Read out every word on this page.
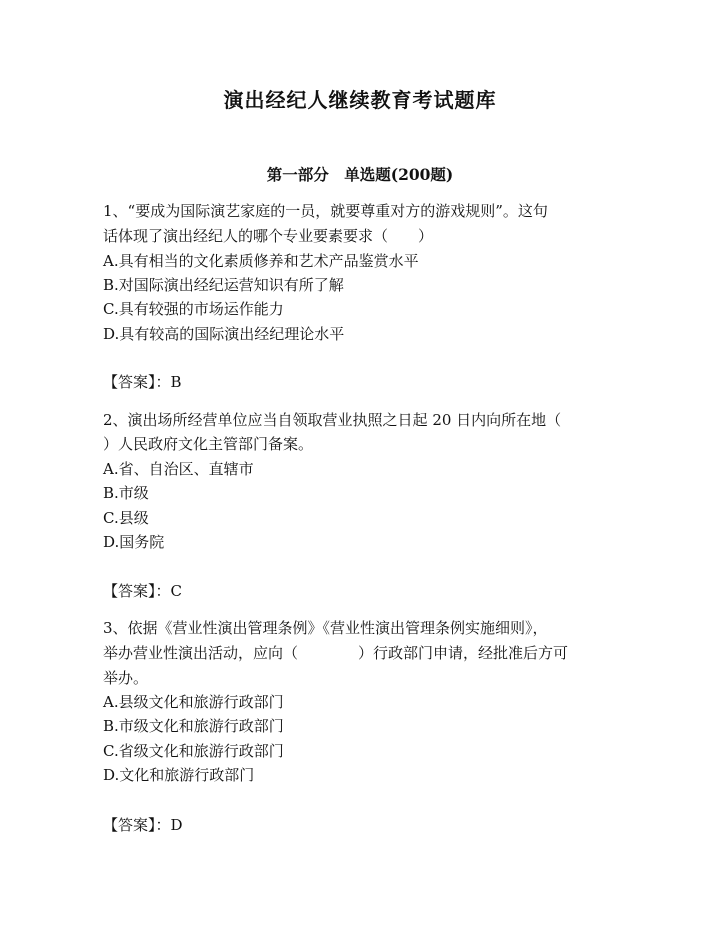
演出经纪人继续教育考试题库
第一部分　单选题(200题)
1、“要成为国际演艺家庭的一员，就要尊重对方的游戏规则”。这句
话体现了演出经纪人的哪个专业要素要求（　　）
A.具有相当的文化素质修养和艺术产品鉴赏水平
B.对国际演出经纪运营知识有所了解
C.具有较强的市场运作能力
D.具有较高的国际演出经纪理论水平
【答案】：B
2、演出场所经营单位应当自领取营业执照之日起 20 日内向所在地（
）人民政府文化主管部门备案。
A.省、自治区、直辖市
B.市级
C.县级
D.国务院
【答案】：C
3、依据《营业性演出管理条例》《营业性演出管理条例实施细则》，
举办营业性演出活动，应向（　　　　）行政部门申请，经批准后方可
举办。
A.县级文化和旅游行政部门
B.市级文化和旅游行政部门
C.省级文化和旅游行政部门
D.文化和旅游行政部门
【答案】：D
